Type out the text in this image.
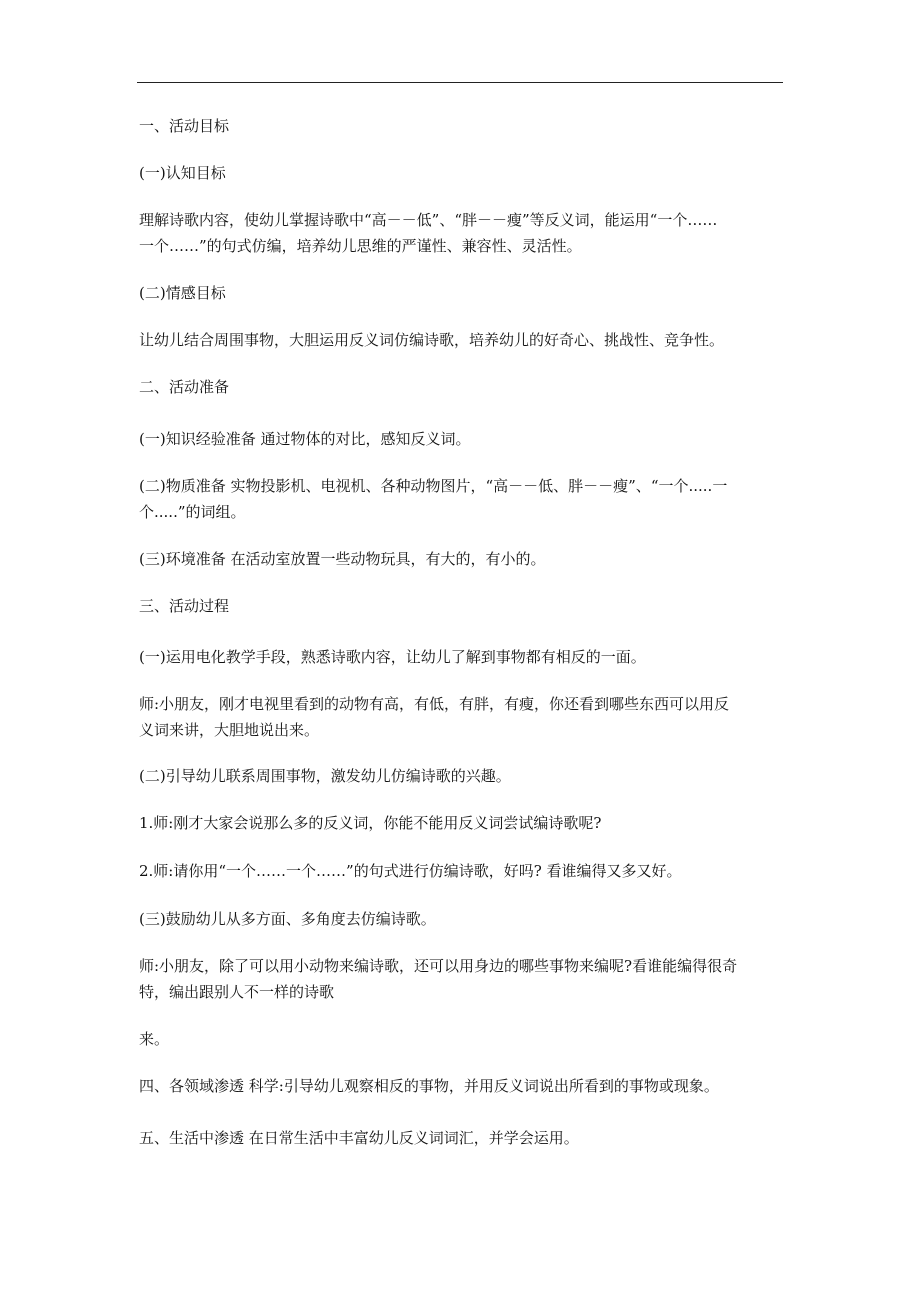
一、活动目标

(一)认知目标

理解诗歌内容，使幼儿掌握诗歌中“高－－低”、“胖－－瘦”等反义词，能运用“一个……
一个……”的句式仿编，培养幼儿思维的严谨性、兼容性、灵活性。

(二)情感目标

让幼儿结合周围事物，大胆运用反义词仿编诗歌，培养幼儿的好奇心、挑战性、竞争性。

二、活动准备

(一)知识经验准备 通过物体的对比，感知反义词。

(二)物质准备 实物投影机、电视机、各种动物图片，“高－－低、胖－－瘦”、“一个.....一
个.....”的词组。

(三)环境准备 在活动室放置一些动物玩具，有大的，有小的。

三、活动过程

(一)运用电化教学手段，熟悉诗歌内容，让幼儿了解到事物都有相反的一面。

师:小朋友，刚才电视里看到的动物有高，有低，有胖，有瘦，你还看到哪些东西可以用反
义词来讲，大胆地说出来。

(二)引导幼儿联系周围事物，激发幼儿仿编诗歌的兴趣。

1.师:刚才大家会说那么多的反义词，你能不能用反义词尝试编诗歌呢?

2.师:请你用“一个……一个……”的句式进行仿编诗歌，好吗? 看谁编得又多又好。

(三)鼓励幼儿从多方面、多角度去仿编诗歌。

师:小朋友，除了可以用小动物来编诗歌，还可以用身边的哪些事物来编呢?看谁能编得很奇
特，编出跟别人不一样的诗歌

来。

四、各领域渗透 科学:引导幼儿观察相反的事物，并用反义词说出所看到的事物或现象。

五、生活中渗透 在日常生活中丰富幼儿反义词词汇，并学会运用。
